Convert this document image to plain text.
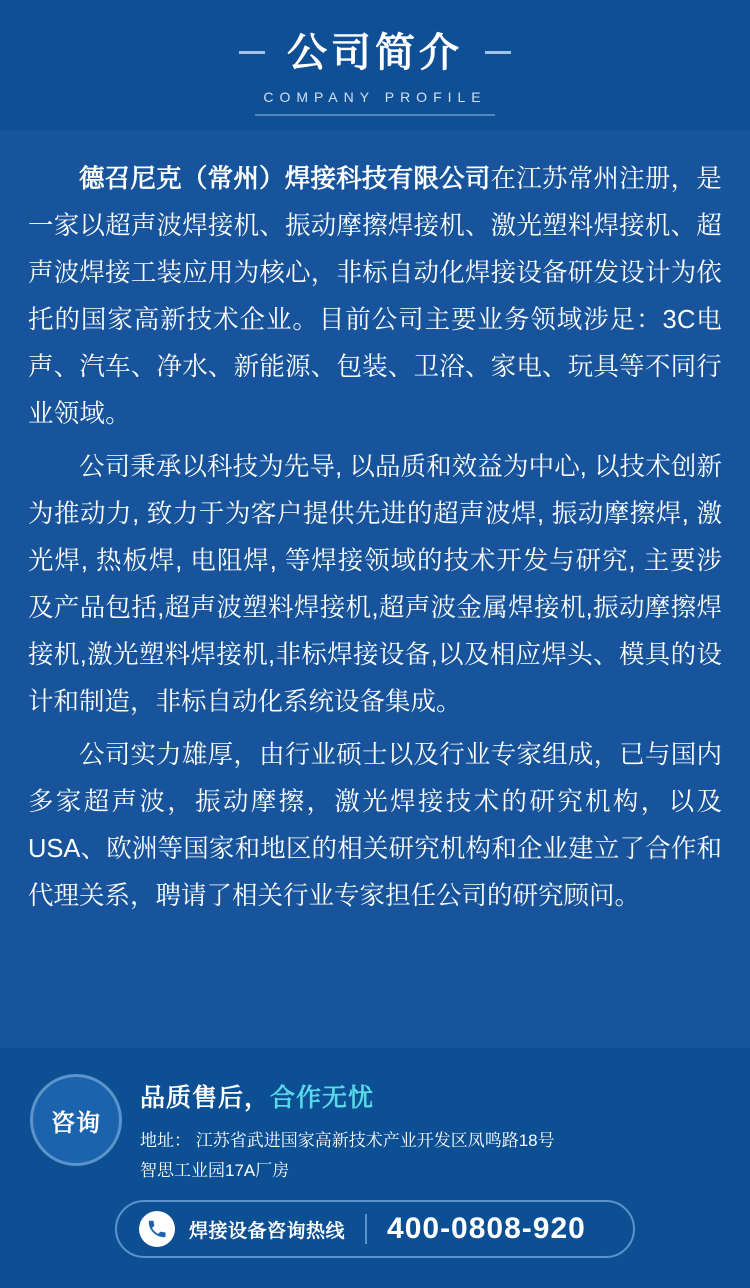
公司简介
COMPANY PROFILE

德召尼克（常州）焊接科技有限公司在江苏常州注册，是一家以超声波焊接机、振动摩擦焊接机、激光塑料焊接机、超声波焊接工装应用为核心，非标自动化焊接设备研发设计为依托的国家高新技术企业。目前公司主要业务领域涉足：3C电声、汽车、净水、新能源、包装、卫浴、家电、玩具等不同行业领域。

公司秉承以科技为先导, 以品质和效益为中心, 以技术创新为推动力, 致力于为客户提供先进的超声波焊, 振动摩擦焊, 激光焊, 热板焊, 电阻焊, 等焊接领域的技术开发与研究, 主要涉及产品包括,超声波塑料焊接机,超声波金属焊接机,振动摩擦焊接机,激光塑料焊接机,非标焊接设备,以及相应焊头、模具的设计和制造，非标自动化系统设备集成。

公司实力雄厚，由行业硕士以及行业专家组成，已与国内多家超声波，振动摩擦，激光焊接技术的研究机构，以及USA、欧洲等国家和地区的相关研究机构和企业建立了合作和代理关系，聘请了相关行业专家担任公司的研究顾问。

咨询
品质售后，合作无忧
地址： 江苏省武进国家高新技术产业开发区凤鸣路18号
智思工业园17A厂房
焊接设备咨询热线 400-0808-920
